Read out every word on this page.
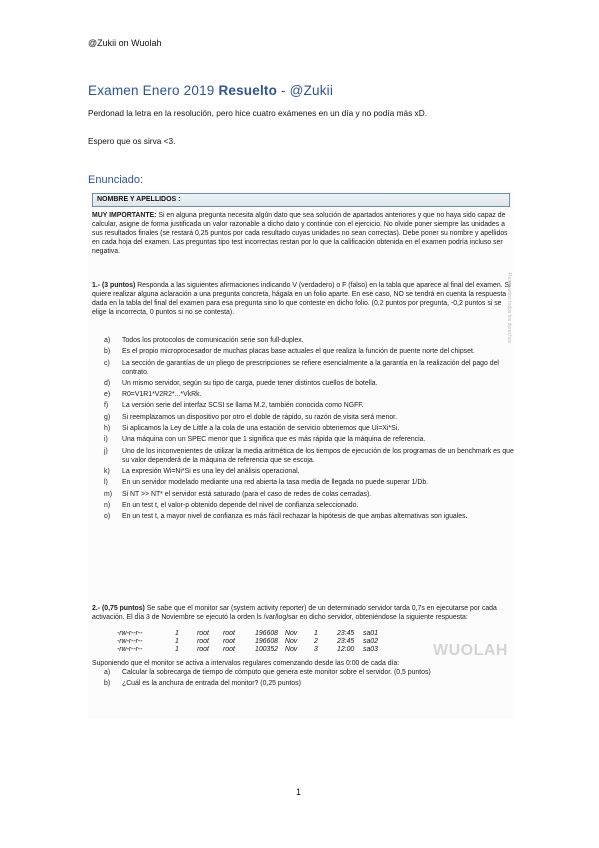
@Zukii on Wuolah
Examen Enero 2019 Resuelto - @Zukii
Perdonad la letra en la resolución, pero hice cuatro exámenes en un día y no podía más xD.
Espero que os sirva <3.
Enunciado:
NOMBRE Y APELLIDOS :
MUY IMPORTANTE: Si en alguna pregunta necesita algún dato que sea solución de apartados anteriores y que no haya sido capaz de calcular, asigne de forma justificada un valor razonable a dicho dato y continúe con el ejercicio. No olvide poner siempre las unidades a sus resultados finales (se restará 0,25 puntos por cada resultado cuyas unidades no sean correctas). Debe poner su nombre y apellidos en cada hoja del examen. Las preguntas tipo test incorrectas restan por lo que la calificación obtenida en el examen podría incluso ser negativa.
1.- (3 puntos) Responda a las siguientes afirmaciones indicando V (verdadero) o F (falso) en la tabla que aparece al final del examen. Si quiere realizar alguna aclaración a una pregunta concreta, hágala en un folio aparte. En ese caso, NO se tendrá en cuenta la respuesta dada en la tabla del final del examen para esa pregunta sino lo que conteste en dicho folio. (0,2 puntos por pregunta, -0,2 puntos si se elige la incorrecta, 0 puntos si no se contesta).
a) Todos los protocolos de comunicación serie son full-duplex.
b) Es el propio microprocesador de muchas placas base actuales el que realiza la función de puente norte del chipset.
c) La sección de garantías de un pliego de prescripciones se refiere esencialmente a la garantía en la realización del pago del contrato.
d) Un mismo servidor, según su tipo de carga, puede tener distintos cuellos de botella.
e) R0=V1R1*V2R2*...*VkRk.
f) La versión serie del interfaz SCSI se llama M.2, también conocida como NGFF.
g) Si reemplazamos un dispositivo por otro el doble de rápido, su razón de visita será menor.
h) Si aplicamos la Ley de Little a la cola de una estación de servicio obtenemos que Ui=Xi*Si.
i) Una máquina con un SPEC menor que 1 significa que es más rápida que la máquina de referencia.
j) Uno de los inconvenientes de utilizar la media aritmética de los tiempos de ejecución de los programas de un benchmark es que su valor dependerá de la máquina de referencia que se escoja.
k) La expresión Wi=Ni*Si es una ley del análisis operacional.
l) En un servidor modelado mediante una red abierta la tasa media de llegada no puede superar 1/Db.
m) Si NT >> NT* el servidor está saturado (para el caso de redes de colas cerradas).
n) En un test t, el valor-p obtenido depende del nivel de confianza seleccionado.
o) En un test t, a mayor nivel de confianza es más fácil rechazar la hipótesis de que ambas alternativas son iguales.
2.- (0,75 puntos) Se sabe que el monitor sar (system activity reporter) de un determinado servidor tarda 0,7s en ejecutarse por cada activación. El día 3 de Noviembre se ejecutó la orden ls /var/log/sar en dicho servidor, obteniéndose la siguiente respuesta:
-rw-r--r--	1	root root	196608 Nov 1	23:45 sa01
-rw-r--r--	1	root root	196608 Nov 2	23:45 sa02
-rw-r--r--	1	root root	100352 Nov 3	12:00 sa03	WUOLAH
Reservados todos los derechos
Suponiendo que el monitor se activa a intervalos regulares comenzando desde las 0:00 de cada día:
a) Calcular la sobrecarga de tiempo de cómputo que genera este monitor sobre el servidor. (0,5 puntos)
b) ¿Cuál es la anchura de entrada del monitor? (0,25 puntos)
1
